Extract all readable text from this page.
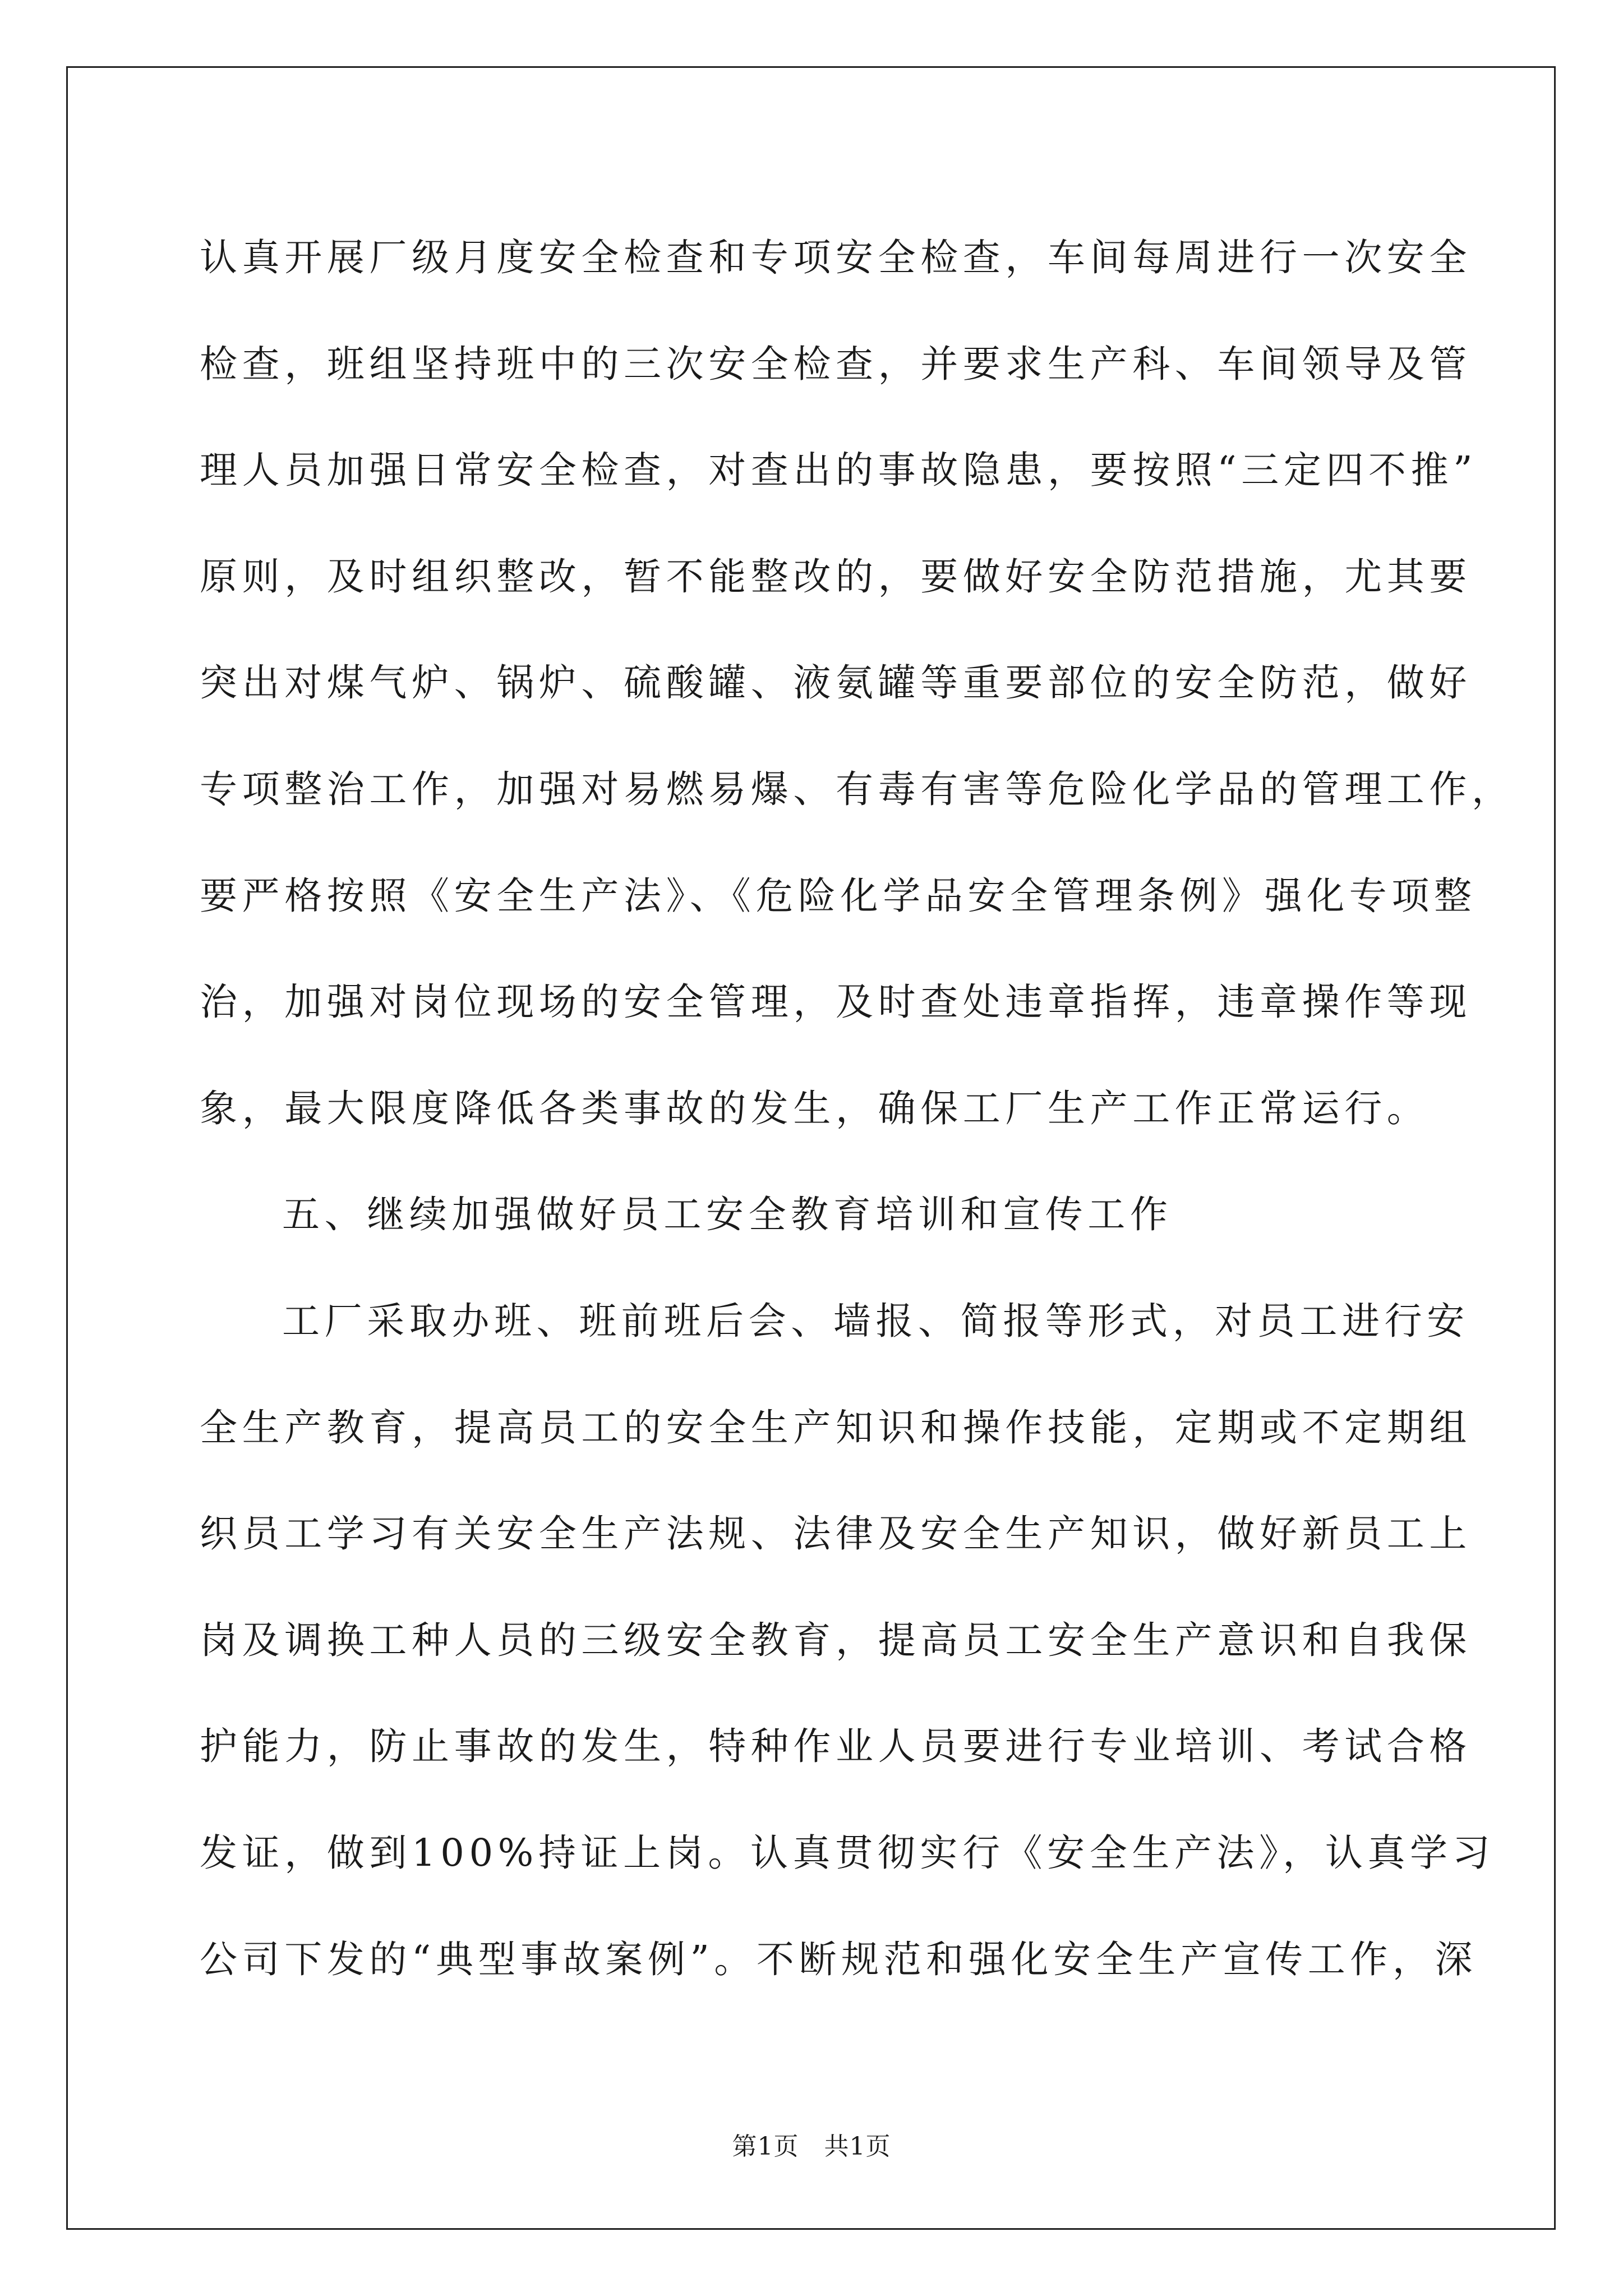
认真开展厂级月度安全检查和专项安全检查，车间每周进行一次安全
检查，班组坚持班中的三次安全检查，并要求生产科、车间领导及管
理人员加强日常安全检查，对查出的事故隐患，要按照“三定四不推”
原则，及时组织整改，暂不能整改的，要做好安全防范措施，尤其要
突出对煤气炉、锅炉、硫酸罐、液氨罐等重要部位的安全防范，做好
专项整治工作，加强对易燃易爆、有毒有害等危险化学品的管理工作，
要严格按照《安全生产法》、《危险化学品安全管理条例》强化专项整
治，加强对岗位现场的安全管理，及时查处违章指挥，违章操作等现
象，最大限度降低各类事故的发生，确保工厂生产工作正常运行。
五、继续加强做好员工安全教育培训和宣传工作
工厂采取办班、班前班后会、墙报、简报等形式，对员工进行安
全生产教育，提高员工的安全生产知识和操作技能，定期或不定期组
织员工学习有关安全生产法规、法律及安全生产知识，做好新员工上
岗及调换工种人员的三级安全教育，提高员工安全生产意识和自我保
护能力，防止事故的发生，特种作业人员要进行专业培训、考试合格
发证，做到100%持证上岗。认真贯彻实行《安全生产法》，认真学习
公司下发的“典型事故案例”。不断规范和强化安全生产宣传工作，深
第1页   共1页
